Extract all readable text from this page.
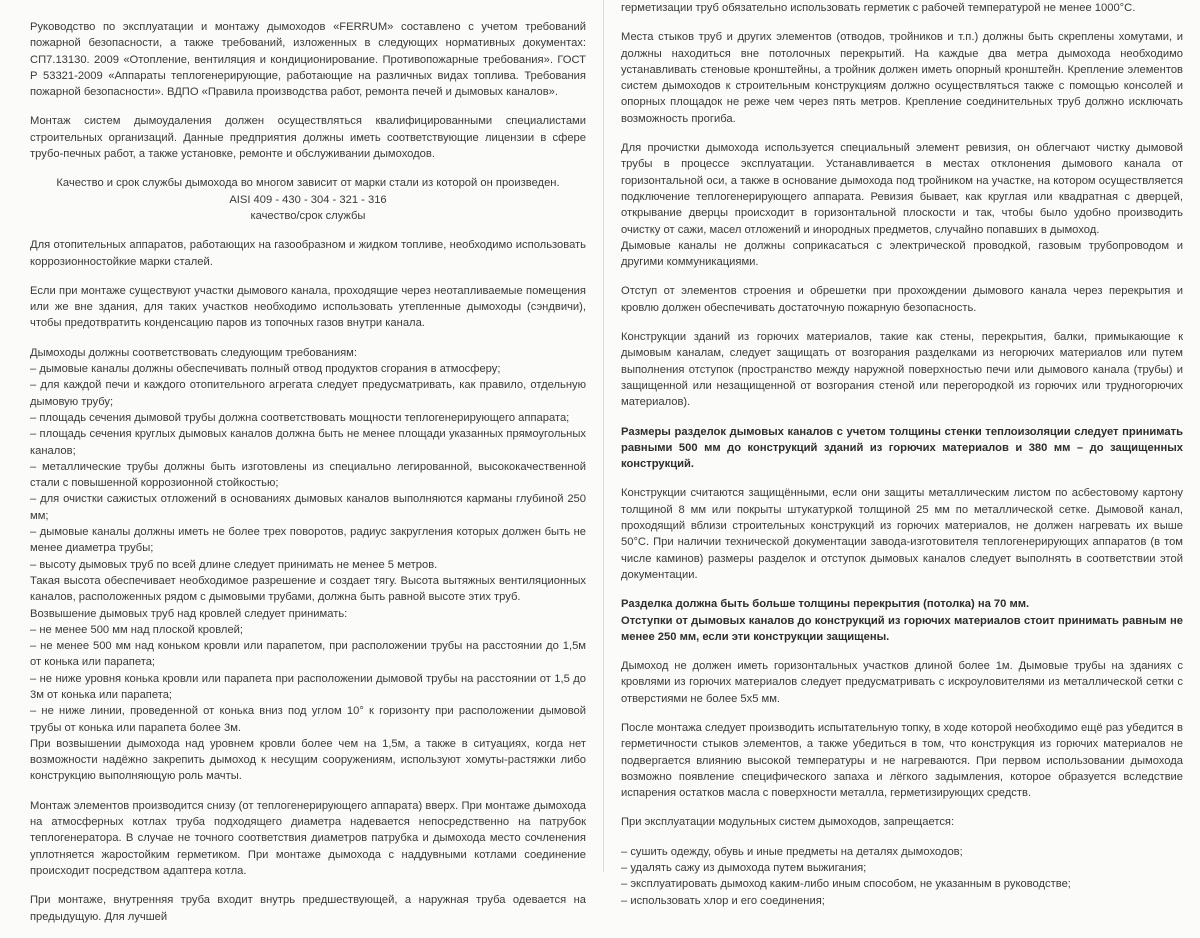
Руководство по эксплуатации и монтажу дымоходов «FERRUM» составлено с учетом требований пожарной безопасности, а также требований, изложенных в следующих нормативных документах: СП7.13130. 2009 «Отопление, вентиляция и кондиционирование. Противопожарные требования». ГОСТ Р 53321-2009 «Аппараты теплогенерирующие, работающие на различных видах топлива. Требования пожарной безопасности». ВДПО «Правила производства работ, ремонта печей и дымовых каналов».

Монтаж систем дымоудаления должен осуществляться квалифицированными специалистами строительных организаций. Данные предприятия должны иметь соответствующие лицензии в сфере трубо-печных работ, а также установке, ремонте и обслуживании дымоходов.

Качество и срок службы дымохода во многом зависит от марки стали из которой он произведен.

AISI 409 - 430 - 304 - 321 - 316

качество/срок службы

Для отопительных аппаратов, работающих на газообразном и жидком топливе, необходимо использовать коррозионностойкие марки сталей.

Если при монтаже существуют участки дымового канала, проходящие через неотапливаемые помещения или же вне здания, для таких участков необходимо использовать утепленные дымоходы (сэндвичи), чтобы предотвратить конденсацию паров из топочных газов внутри канала.

Дымоходы должны соответствовать следующим требованиям:

– дымовые каналы должны обеспечивать полный отвод продуктов сгорания в атмосферу;
– для каждой печи и каждого отопительного агрегата следует предусматривать, как правило, отдельную дымовую трубу;
– площадь сечения дымовой трубы должна соответствовать мощности теплогенерирующего аппарата;
– площадь сечения круглых дымовых каналов должна быть не менее площади указанных прямоугольных каналов;
– металлические трубы должны быть изготовлены из специально легированной, высококачественной стали с повышенной коррозионной стойкостью;
– для очистки сажистых отложений в основаниях дымовых каналов выполняются карманы глубиной 250 мм;
– дымовые каналы должны иметь не более трех поворотов, радиус закругления которых должен быть не менее диаметра трубы;
– высоту дымовых труб по всей длине следует принимать не менее 5 метров.

Такая высота обеспечивает необходимое разрешение и создает тягу. Высота вытяжных вентиляционных каналов, расположенных рядом с дымовыми трубами, должна быть равной высоте этих труб.

Возвышение дымовых труб над кровлей следует принимать:

– не менее 500 мм над плоской кровлей;
– не менее 500 мм над коньком кровли или парапетом, при расположении трубы на расстоянии до 1,5м от конька или парапета;
– не ниже уровня конька кровли или парапета при расположении дымовой трубы на расстоянии от 1,5 до 3м от конька или парапета;
– не ниже линии, проведенной от конька вниз под углом 10° к горизонту при расположении дымовой трубы от конька или парапета более 3м.

При возвышении дымохода над уровнем кровли более чем на 1,5м, а также в ситуациях, когда нет возможности надёжно закрепить дымоход к несущим сооружениям, используют хомуты-растяжки либо конструкцию выполняющую роль мачты.

Монтаж элементов производится снизу (от теплогенерирующего аппарата) вверх. При монтаже дымохода на атмосферных котлах труба подходящего диаметра надевается непосредственно на патрубок теплогенератора. В случае не точного соответствия диаметров патрубка и дымохода место сочленения уплотняется жаростойким герметиком. При монтаже дымохода с наддувными котлами соединение происходит посредством адаптера котла.

При монтаже, внутренняя труба входит внутрь предшествующей, а наружная труба одевается на предыдущую. Для лучшей

герметизации труб обязательно использовать герметик с рабочей температурой не менее 1000°С.

Места стыков труб и других элементов (отводов, тройников и т.п.) должны быть скреплены хомутами, и должны находиться вне потолочных перекрытий. На каждые два метра дымохода необходимо устанавливать стеновые кронштейны, а тройник должен иметь опорный кронштейн. Крепление элементов систем дымоходов к строительным конструкциям должно осуществляться также с помощью консолей и опорных площадок не реже чем через пять метров. Крепление соединительных труб должно исключать возможность прогиба.

Для прочистки дымохода используется специальный элемент ревизия, он облегчают чистку дымовой трубы в процессе эксплуатации. Устанавливается в местах отклонения дымового канала от горизонтальной оси, а также в основание дымохода под тройником на участке, на котором осуществляется подключение теплогенерирующего аппарата. Ревизия бывает, как круглая или квадратная с дверцей, открывание дверцы происходит в горизонтальной плоскости и так, чтобы было удобно производить очистку от сажи, масел отложений и инородных предметов, случайно попавших в дымоход.

Дымовые каналы не должны соприкасаться с электрической проводкой, газовым трубопроводом и другими коммуникациями.

Отступ от элементов строения и обрешетки при прохождении дымового канала через перекрытия и кровлю должен обеспечивать достаточную пожарную безопасность.

Конструкции зданий из горючих материалов, такие как стены, перекрытия, балки, примыкающие к дымовым каналам, следует защищать от возгорания разделками из негорючих материалов или путем выполнения отступок (пространство между наружной поверхностью печи или дымового канала (трубы) и защищенной или незащищенной от возгорания стеной или перегородкой из горючих или трудногорючих материалов).

Размеры разделок дымовых каналов с учетом толщины стенки теплоизоляции следует принимать равными 500 мм до конструкций зданий из горючих материалов и 380 мм – до защищенных конструкций.

Конструкции считаются защищёнными, если они защиты металлическим листом по асбестовому картону толщиной 8 мм или покрыты штукатуркой толщиной 25 мм по металлической сетке. Дымовой канал, проходящий вблизи строительных конструкций из горючих материалов, не должен нагревать их выше 50°С. При наличии технической документации завода-изготовителя теплогенерирующих аппаратов (в том числе каминов) размеры разделок и отступок дымовых каналов следует выполнять в соответствии этой документации.

Разделка должна быть больше толщины перекрытия (потолка) на 70 мм.

Отступки от дымовых каналов до конструкций из горючих материалов стоит принимать равным не менее 250 мм, если эти конструкции защищены.

Дымоход не должен иметь горизонтальных участков длиной более 1м. Дымовые трубы на зданиях с кровлями из горючих материалов следует предусматривать с искроуловителями из металлической сетки с отверстиями не более 5х5 мм.

После монтажа следует производить испытательную топку, в ходе которой необходимо ещё раз убедится в герметичности стыков элементов, а также убедиться в том, что конструкция из горючих материалов не подвергается влиянию высокой температуры и не нагреваются. При первом использовании дымохода возможно появление специфического запаха и лёгкого задымления, которое образуется вследствие испарения остатков масла с поверхности металла, герметизирующих средств.

При эксплуатации модульных систем дымоходов, запрещается:

– сушить одежду, обувь и иные предметы на деталях дымоходов;
– удалять сажу из дымохода путем выжигания;
– эксплуатировать дымоход каким-либо иным способом, не указанным в руководстве;
– использовать хлор и его соединения;
